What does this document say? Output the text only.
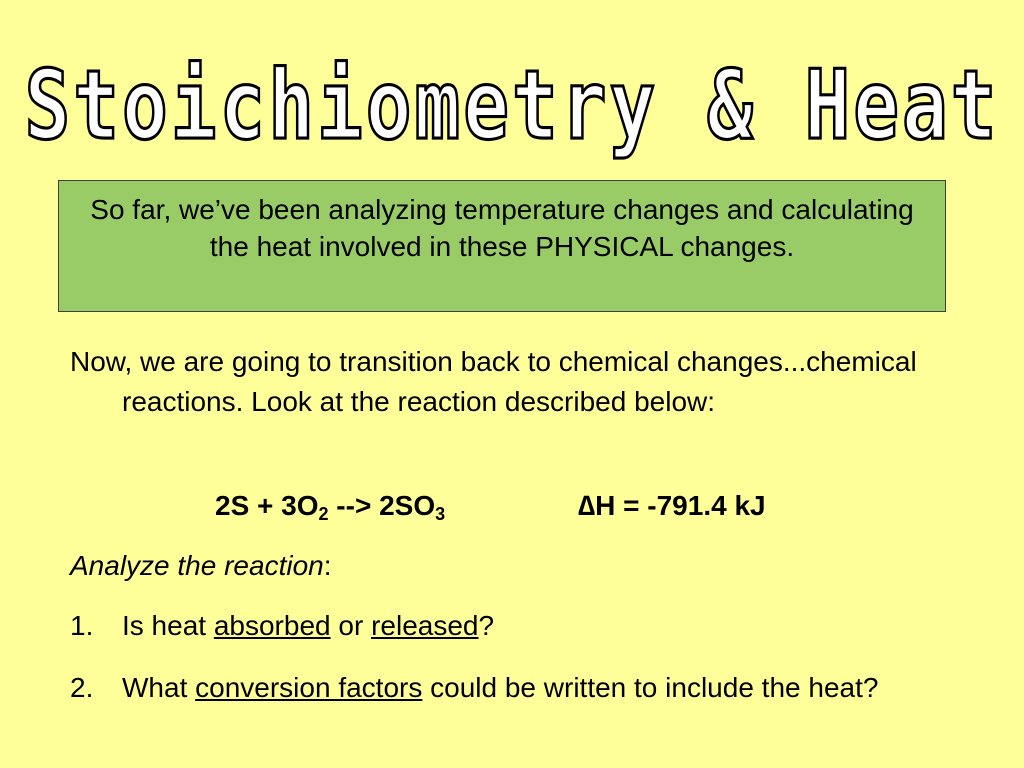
Stoichiometry & Heat
So far, we’ve been analyzing temperature changes and calculating the heat involved in these PHYSICAL changes.

Now, we are going to transition back to chemical changes...chemical reactions. Look at the reaction described below:

$2S + 3O_2$ --> $2SO_3$	∆H = -791.4 kJ
Analyze the reaction:
1. Is heat absorbed or released?
2. What conversion factors could be written to include the heat?
